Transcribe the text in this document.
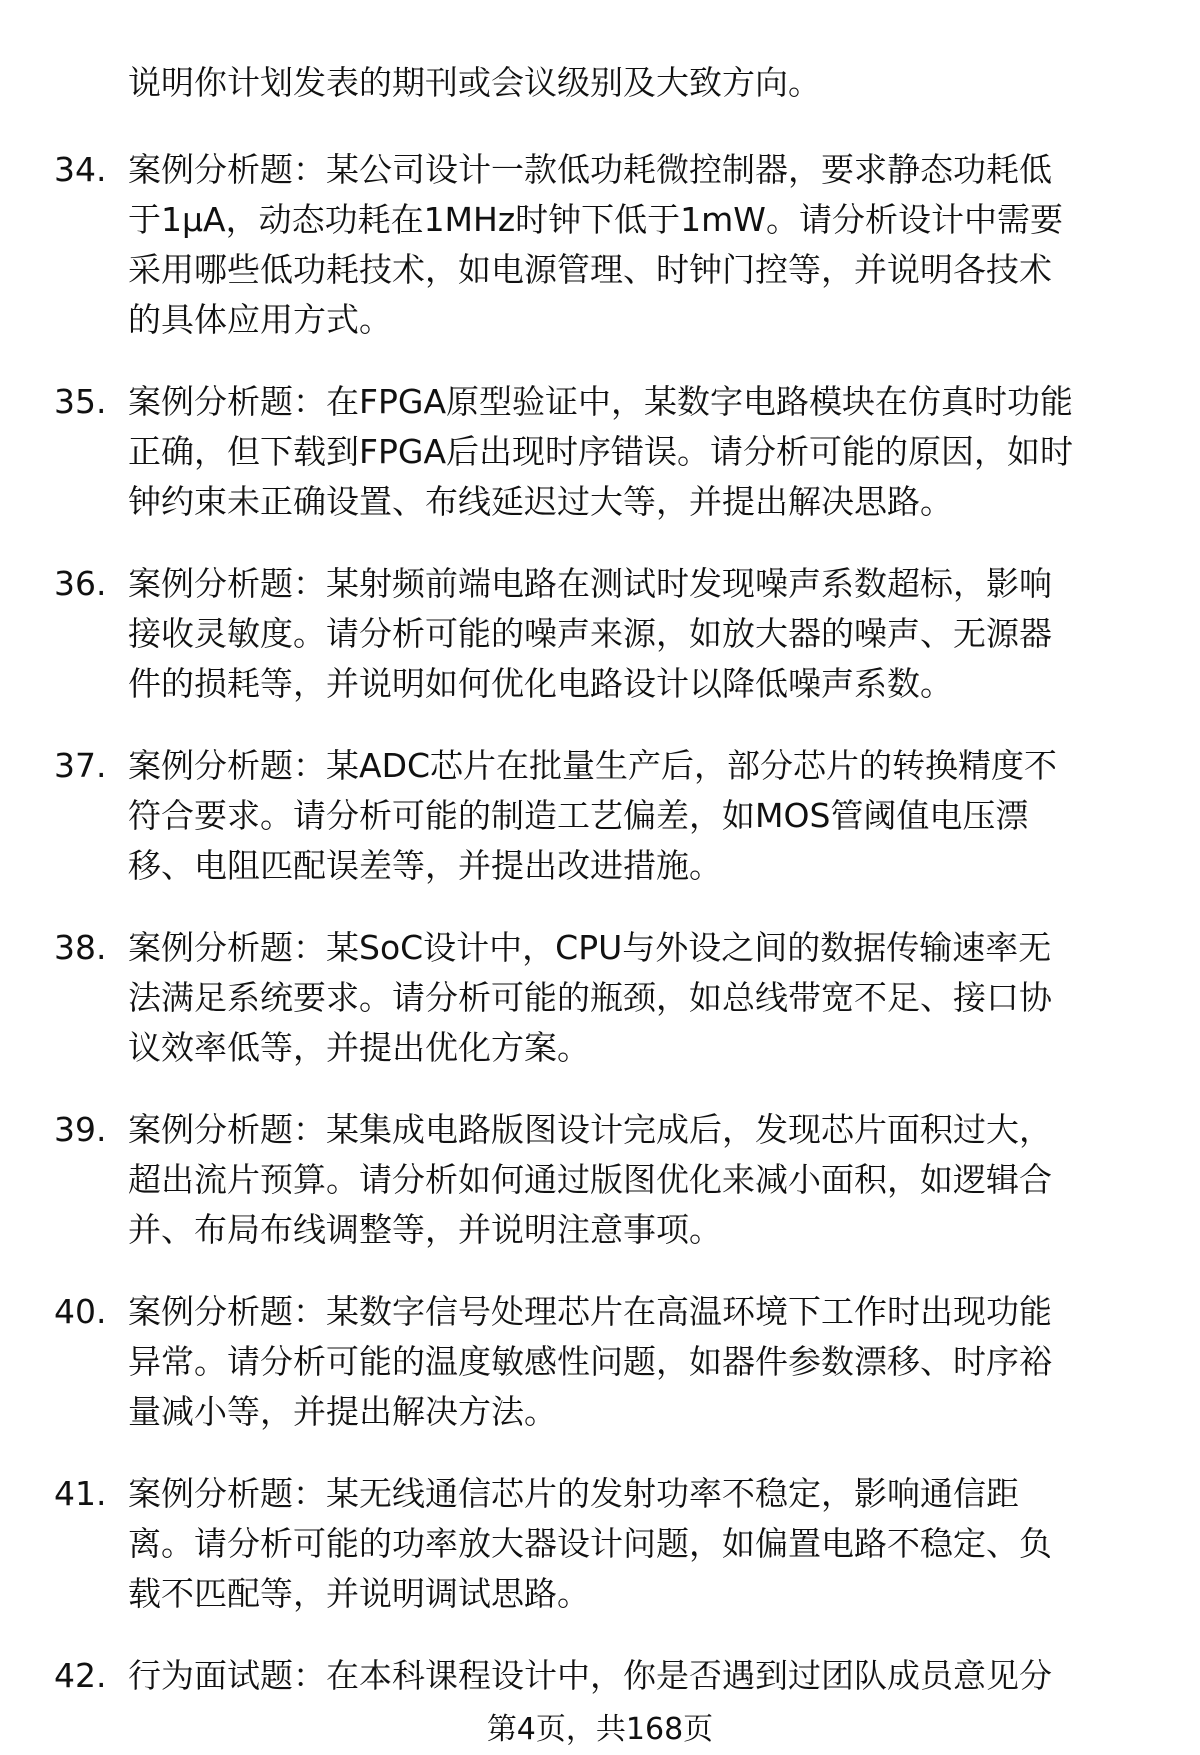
说明你计划发表的期刊或会议级别及大致方向。
34. 案例分析题：某公司设计一款低功耗微控制器，要求静态功耗低
于1μA，动态功耗在1MHz时钟下低于1mW。请分析设计中需要
采用哪些低功耗技术，如电源管理、时钟门控等，并说明各技术
的具体应用方式。
35. 案例分析题：在FPGA原型验证中，某数字电路模块在仿真时功能
正确，但下载到FPGA后出现时序错误。请分析可能的原因，如时
钟约束未正确设置、布线延迟过大等，并提出解决思路。
36. 案例分析题：某射频前端电路在测试时发现噪声系数超标，影响
接收灵敏度。请分析可能的噪声来源，如放大器的噪声、无源器
件的损耗等，并说明如何优化电路设计以降低噪声系数。
37. 案例分析题：某ADC芯片在批量生产后，部分芯片的转换精度不
符合要求。请分析可能的制造工艺偏差，如MOS管阈值电压漂
移、电阻匹配误差等，并提出改进措施。
38. 案例分析题：某SoC设计中，CPU与外设之间的数据传输速率无
法满足系统要求。请分析可能的瓶颈，如总线带宽不足、接口协
议效率低等，并提出优化方案。
39. 案例分析题：某集成电路版图设计完成后，发现芯片面积过大，
超出流片预算。请分析如何通过版图优化来减小面积，如逻辑合
并、布局布线调整等，并说明注意事项。
40. 案例分析题：某数字信号处理芯片在高温环境下工作时出现功能
异常。请分析可能的温度敏感性问题，如器件参数漂移、时序裕
量减小等，并提出解决方法。
41. 案例分析题：某无线通信芯片的发射功率不稳定，影响通信距
离。请分析可能的功率放大器设计问题，如偏置电路不稳定、负
载不匹配等，并说明调试思路。
42. 行为面试题：在本科课程设计中，你是否遇到过团队成员意见分
第4页，共168页
